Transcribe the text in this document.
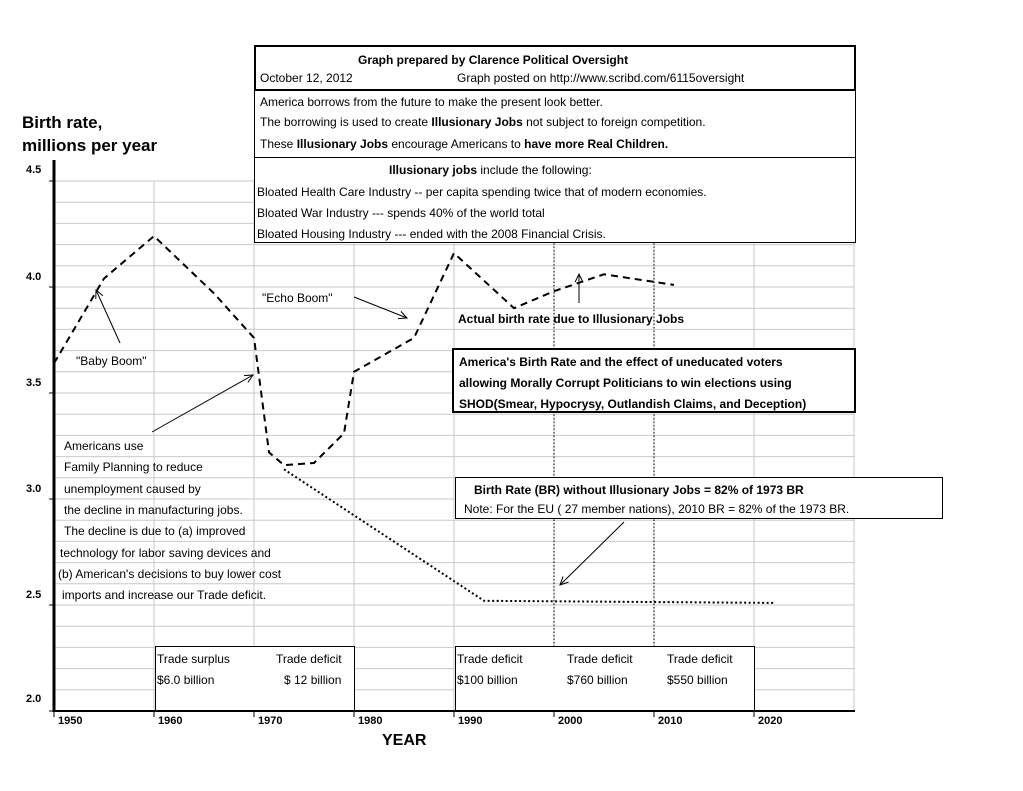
Birth rate,
millions per year
4.5
4.0
3.5
3.0
2.5
2.0
1950	1960	1970	1980	1990	2000	2010	2020
YEAR
Graph prepared by Clarence Political Oversight
October 12, 2012	Graph posted on http://www.scribd.com/6115oversight
America borrows from the future to make the present look better.
The borrowing is used to create Illusionary Jobs not subject to foreign competition.
These Illusionary Jobs encourage Americans to have more Real Children.
Illusionary jobs include the following:
Bloated Health Care Industry -- per capita spending twice that of modern economies.
Bloated War Industry --- spends 40% of the world total
Bloated Housing Industry --- ended with the 2008 Financial Crisis.
"Echo Boom"
"Baby Boom"
Actual birth rate due to Illusionary Jobs
Americans use
Family Planning to reduce
unemployment caused by
the decline in manufacturing jobs.
The decline is due to (a) improved
technology for labor saving devices and
(b) American's decisions to buy lower cost
imports and increase our Trade deficit.
America's Birth Rate and the effect of uneducated voters
allowing Morally Corrupt Politicians to win elections using
SHOD(Smear, Hypocrysy, Outlandish Claims, and Deception)
Birth Rate (BR) without Illusionary Jobs = 82% of 1973 BR
Note: For the EU ( 27 member nations), 2010 BR = 82% of the 1973 BR.
Trade surplus
$6.0 billion
Trade deficit
$ 12 billion
Trade deficit
$100 billion
Trade deficit
$760 billion
Trade deficit
$550 billion
